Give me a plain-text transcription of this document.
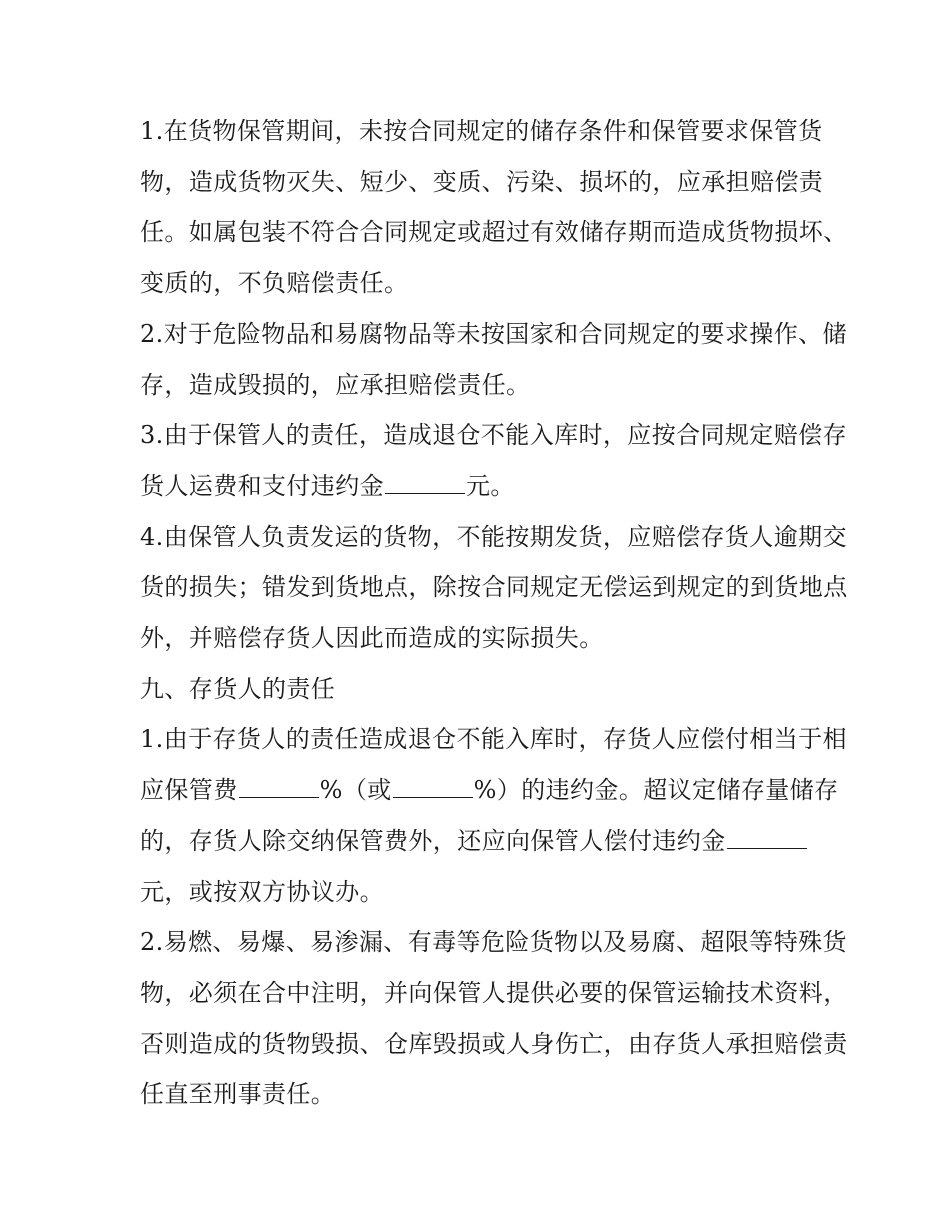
1.在货物保管期间，未按合同规定的储存条件和保管要求保管货物，造成货物灭失、短少、变质、污染、损坏的，应承担赔偿责任。如属包装不符合合同规定或超过有效储存期而造成货物损坏、变质的，不负赔偿责任。

2.对于危险物品和易腐物品等未按国家和合同规定的要求操作、储存，造成毁损的，应承担赔偿责任。

3.由于保管人的责任，造成退仓不能入库时，应按合同规定赔偿存货人运费和支付违约金	元。

4.由保管人负责发运的货物，不能按期发货，应赔偿存货人逾期交货的损失；错发到货地点，除按合同规定无偿运到规定的到货地点外，并赔偿存货人因此而造成的实际损失。

九、存货人的责任

1.由于存货人的责任造成退仓不能入库时，存货人应偿付相当于相应保管费	%（或	%）的违约金。超议定储存量储存的，存货人除交纳保管费外，还应向保管人偿付违约金元，或按双方协议办。

2.易燃、易爆、易渗漏、有毒等危险货物以及易腐、超限等特殊货物，必须在合中注明，并向保管人提供必要的保管运输技术资料，否则造成的货物毁损、仓库毁损或人身伤亡，由存货人承担赔偿责任直至刑事责任。
